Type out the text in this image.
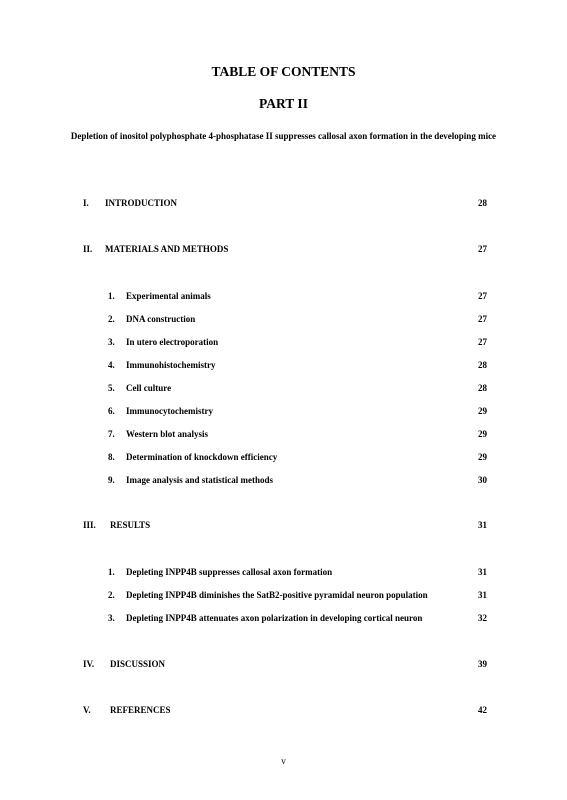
TABLE OF CONTENTS
PART II
Depletion of inositol polyphosphate 4-phosphatase II suppresses callosal axon formation in the developing mice
I. INTRODUCTION	28
II. MATERIALS AND METHODS	27
1. Experimental animals	27
2. DNA construction	27
3. In utero electroporation	27
4. Immunohistochemistry	28
5. Cell culture	28
6. Immunocytochemistry	29
7. Western blot analysis	29
8. Determination of knockdown efficiency	29
9. Image analysis and statistical methods	30
III. RESULTS	31
1. Depleting INPP4B suppresses callosal axon formation	31
2. Depleting INPP4B diminishes the SatB2-positive pyramidal neuron population	31
3. Depleting INPP4B attenuates axon polarization in developing cortical neuron	32
IV. DISCUSSION	39
V. REFERENCES	42
v
